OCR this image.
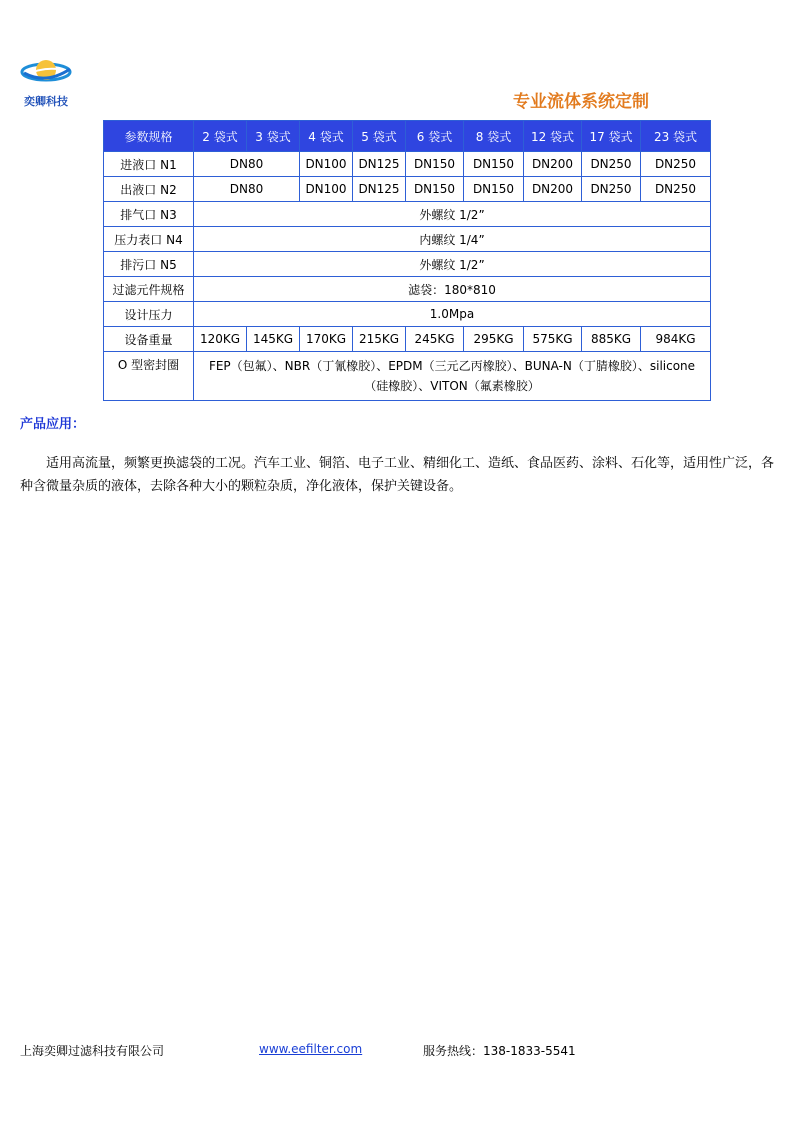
奕卿科技	专业流体系统定制
参数规格	2 袋式	3 袋式	4 袋式	5 袋式	6 袋式	8 袋式	12 袋式	17 袋式	23 袋式
进液口 N1	DN80		DN100	DN125	DN150	DN150	DN200	DN250	DN250
出液口 N2	DN80		DN100	DN125	DN150	DN150	DN200	DN250	DN250
排气口 N3	外螺纹 1/2”								
压力表口 N4	内螺纹 1/4”								
排污口 N5	外螺纹 1/2”								
过滤元件规格	滤袋：180*810								
设计压力	1.0Mpa								
设备重量	120KG	145KG	170KG	215KG	245KG	295KG	575KG	885KG	984KG
O 型密封圈	FEP（包氟）、NBR（丁氰橡胶）、EPDM（三元乙丙橡胶）、BUNA-N（丁腈橡胶）、silicone（硅橡胶）、VITON（氟素橡胶）								
产品应用：
适用高流量，频繁更换滤袋的工况。汽车工业、铜箔、电子工业、精细化工、造纸、食品医药、涂料、石化等，适用性广泛，各种含微量杂质的液体，去除各种大小的颗粒杂质，净化液体，保护关键设备。
上海奕卿过滤科技有限公司	www.eefilter.com	服务热线：138-1833-5541
